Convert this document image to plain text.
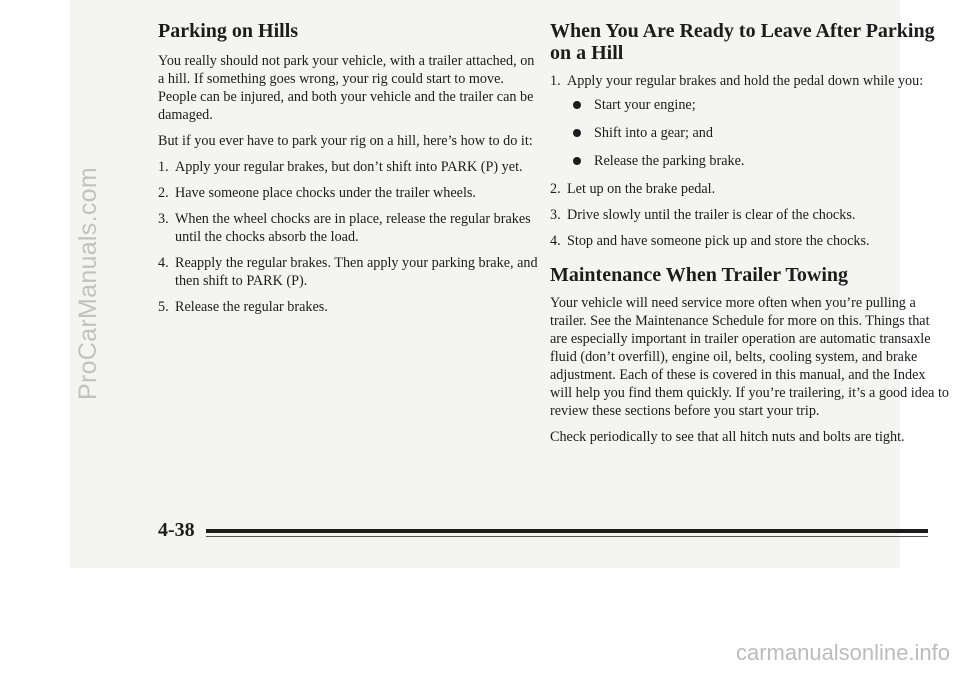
Parking on Hills

You really should not park your vehicle, with a trailer attached, on a hill. If something goes wrong, your rig could start to move. People can be injured, and both your vehicle and the trailer can be damaged.

But if you ever have to park your rig on a hill, here’s how to do it:

1. Apply your regular brakes, but don’t shift into PARK (P) yet.
2. Have someone place chocks under the trailer wheels.
3. When the wheel chocks are in place, release the regular brakes until the chocks absorb the load.
4. Reapply the regular brakes. Then apply your parking brake, and then shift to PARK (P).
5. Release the regular brakes.
When You Are Ready to Leave After Parking on a Hill
1. Apply your regular brakes and hold the pedal down while you:
Start your engine;
Shift into a gear; and
Release the parking brake.
2. Let up on the brake pedal.
3. Drive slowly until the trailer is clear of the chocks.
4. Stop and have someone pick up and store the chocks.
Maintenance When Trailer Towing

Your vehicle will need service more often when you’re pulling a trailer. See the Maintenance Schedule for more on this. Things that are especially important in trailer operation are automatic transaxle fluid (don’t overfill), engine oil, belts, cooling system, and brake adjustment. Each of these is covered in this manual, and the Index will help you find them quickly. If you’re trailering, it’s a good idea to review these sections before you start your trip.

Check periodically to see that all hitch nuts and bolts are tight.

4-38
ProCarManuals.com
carmanualsonline.info
